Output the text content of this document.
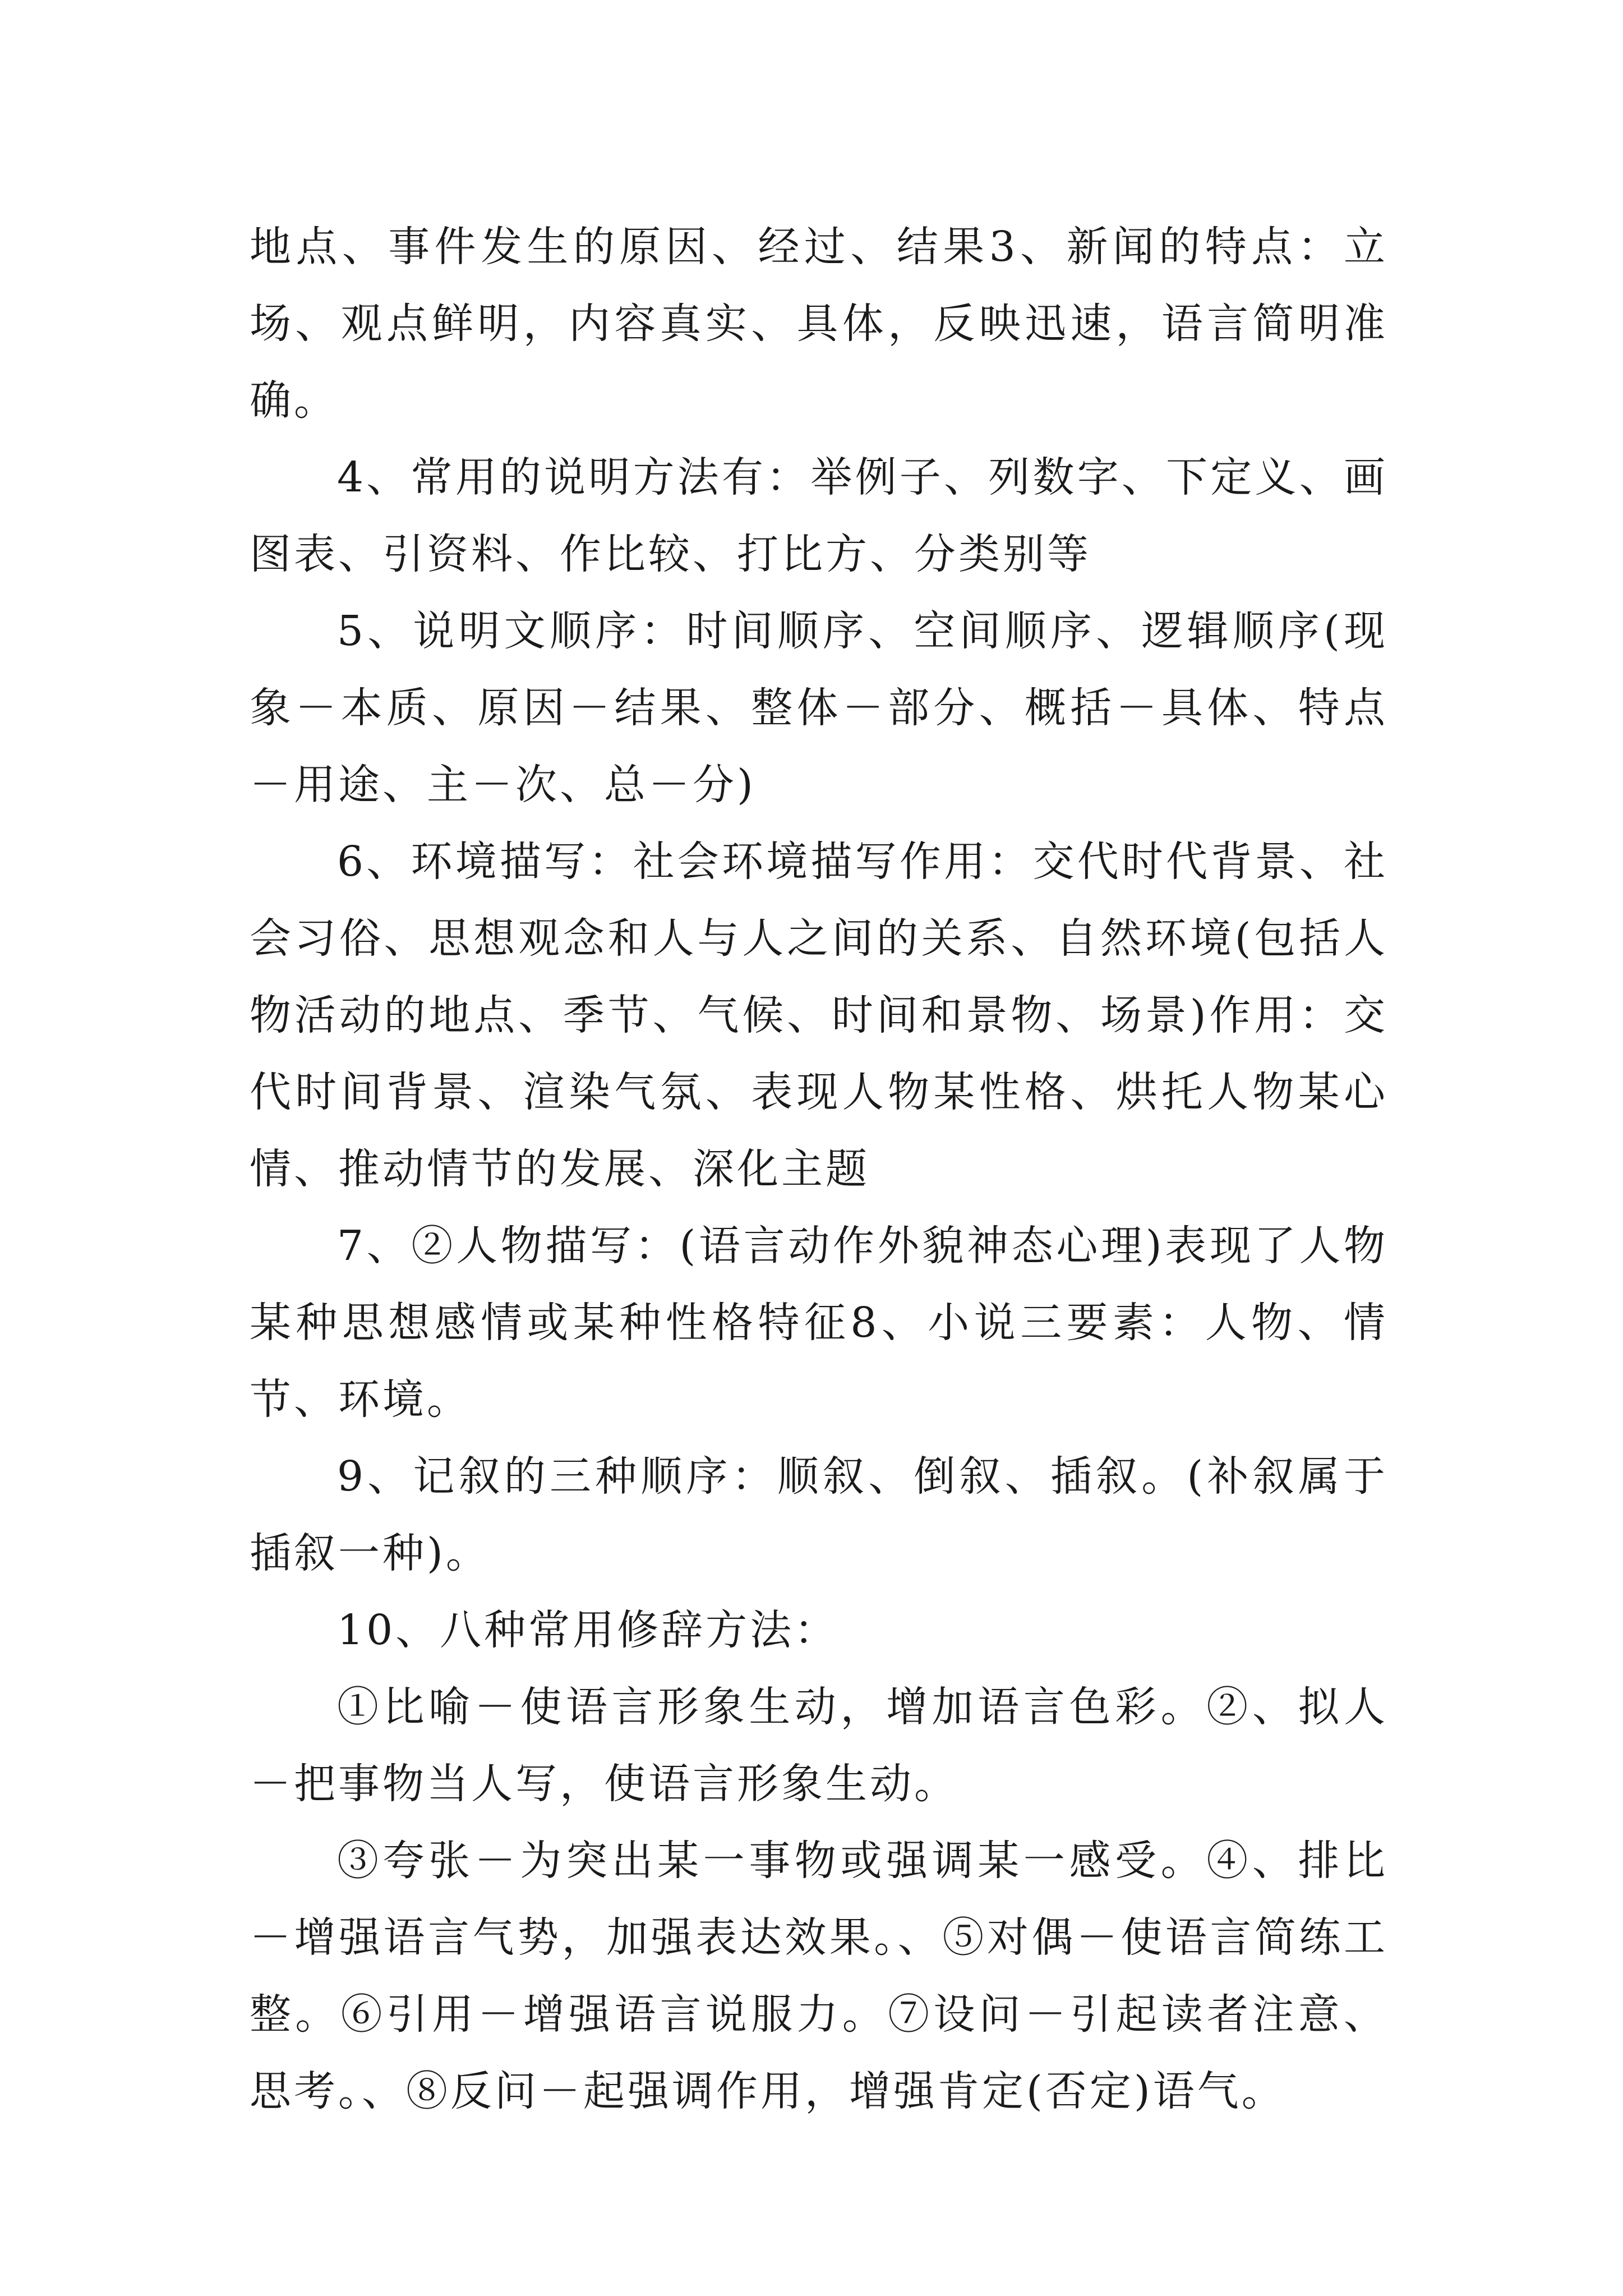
地点、事件发生的原因、经过、结果3、新闻的特点：立场、观点鲜明，内容真实、具体，反映迅速，语言简明准确。

4、常用的说明方法有：举例子、列数字、下定义、画图表、引资料、作比较、打比方、分类别等

5、说明文顺序：时间顺序、空间顺序、逻辑顺序(现象－本质、原因－结果、整体－部分、概括－具体、特点－用途、主－次、总－分)

6、环境描写：社会环境描写作用：交代时代背景、社会习俗、思想观念和人与人之间的关系、自然环境(包括人物活动的地点、季节、气候、时间和景物、场景)作用：交代时间背景、渲染气氛、表现人物某性格、烘托人物某心情、推动情节的发展、深化主题

7、②人物描写：(语言动作外貌神态心理)表现了人物某种思想感情或某种性格特征8、小说三要素：人物、情节、环境。

9、记叙的三种顺序：顺叙、倒叙、插叙。(补叙属于插叙一种)。

10、八种常用修辞方法：

①比喻－使语言形象生动，增加语言色彩。②、拟人－把事物当人写，使语言形象生动。

③夸张－为突出某一事物或强调某一感受。④、排比－增强语言气势，加强表达效果。、⑤对偶－使语言简练工整。⑥引用－增强语言说服力。⑦设问－引起读者注意、思考。、⑧反问－起强调作用，增强肯定(否定)语气。
